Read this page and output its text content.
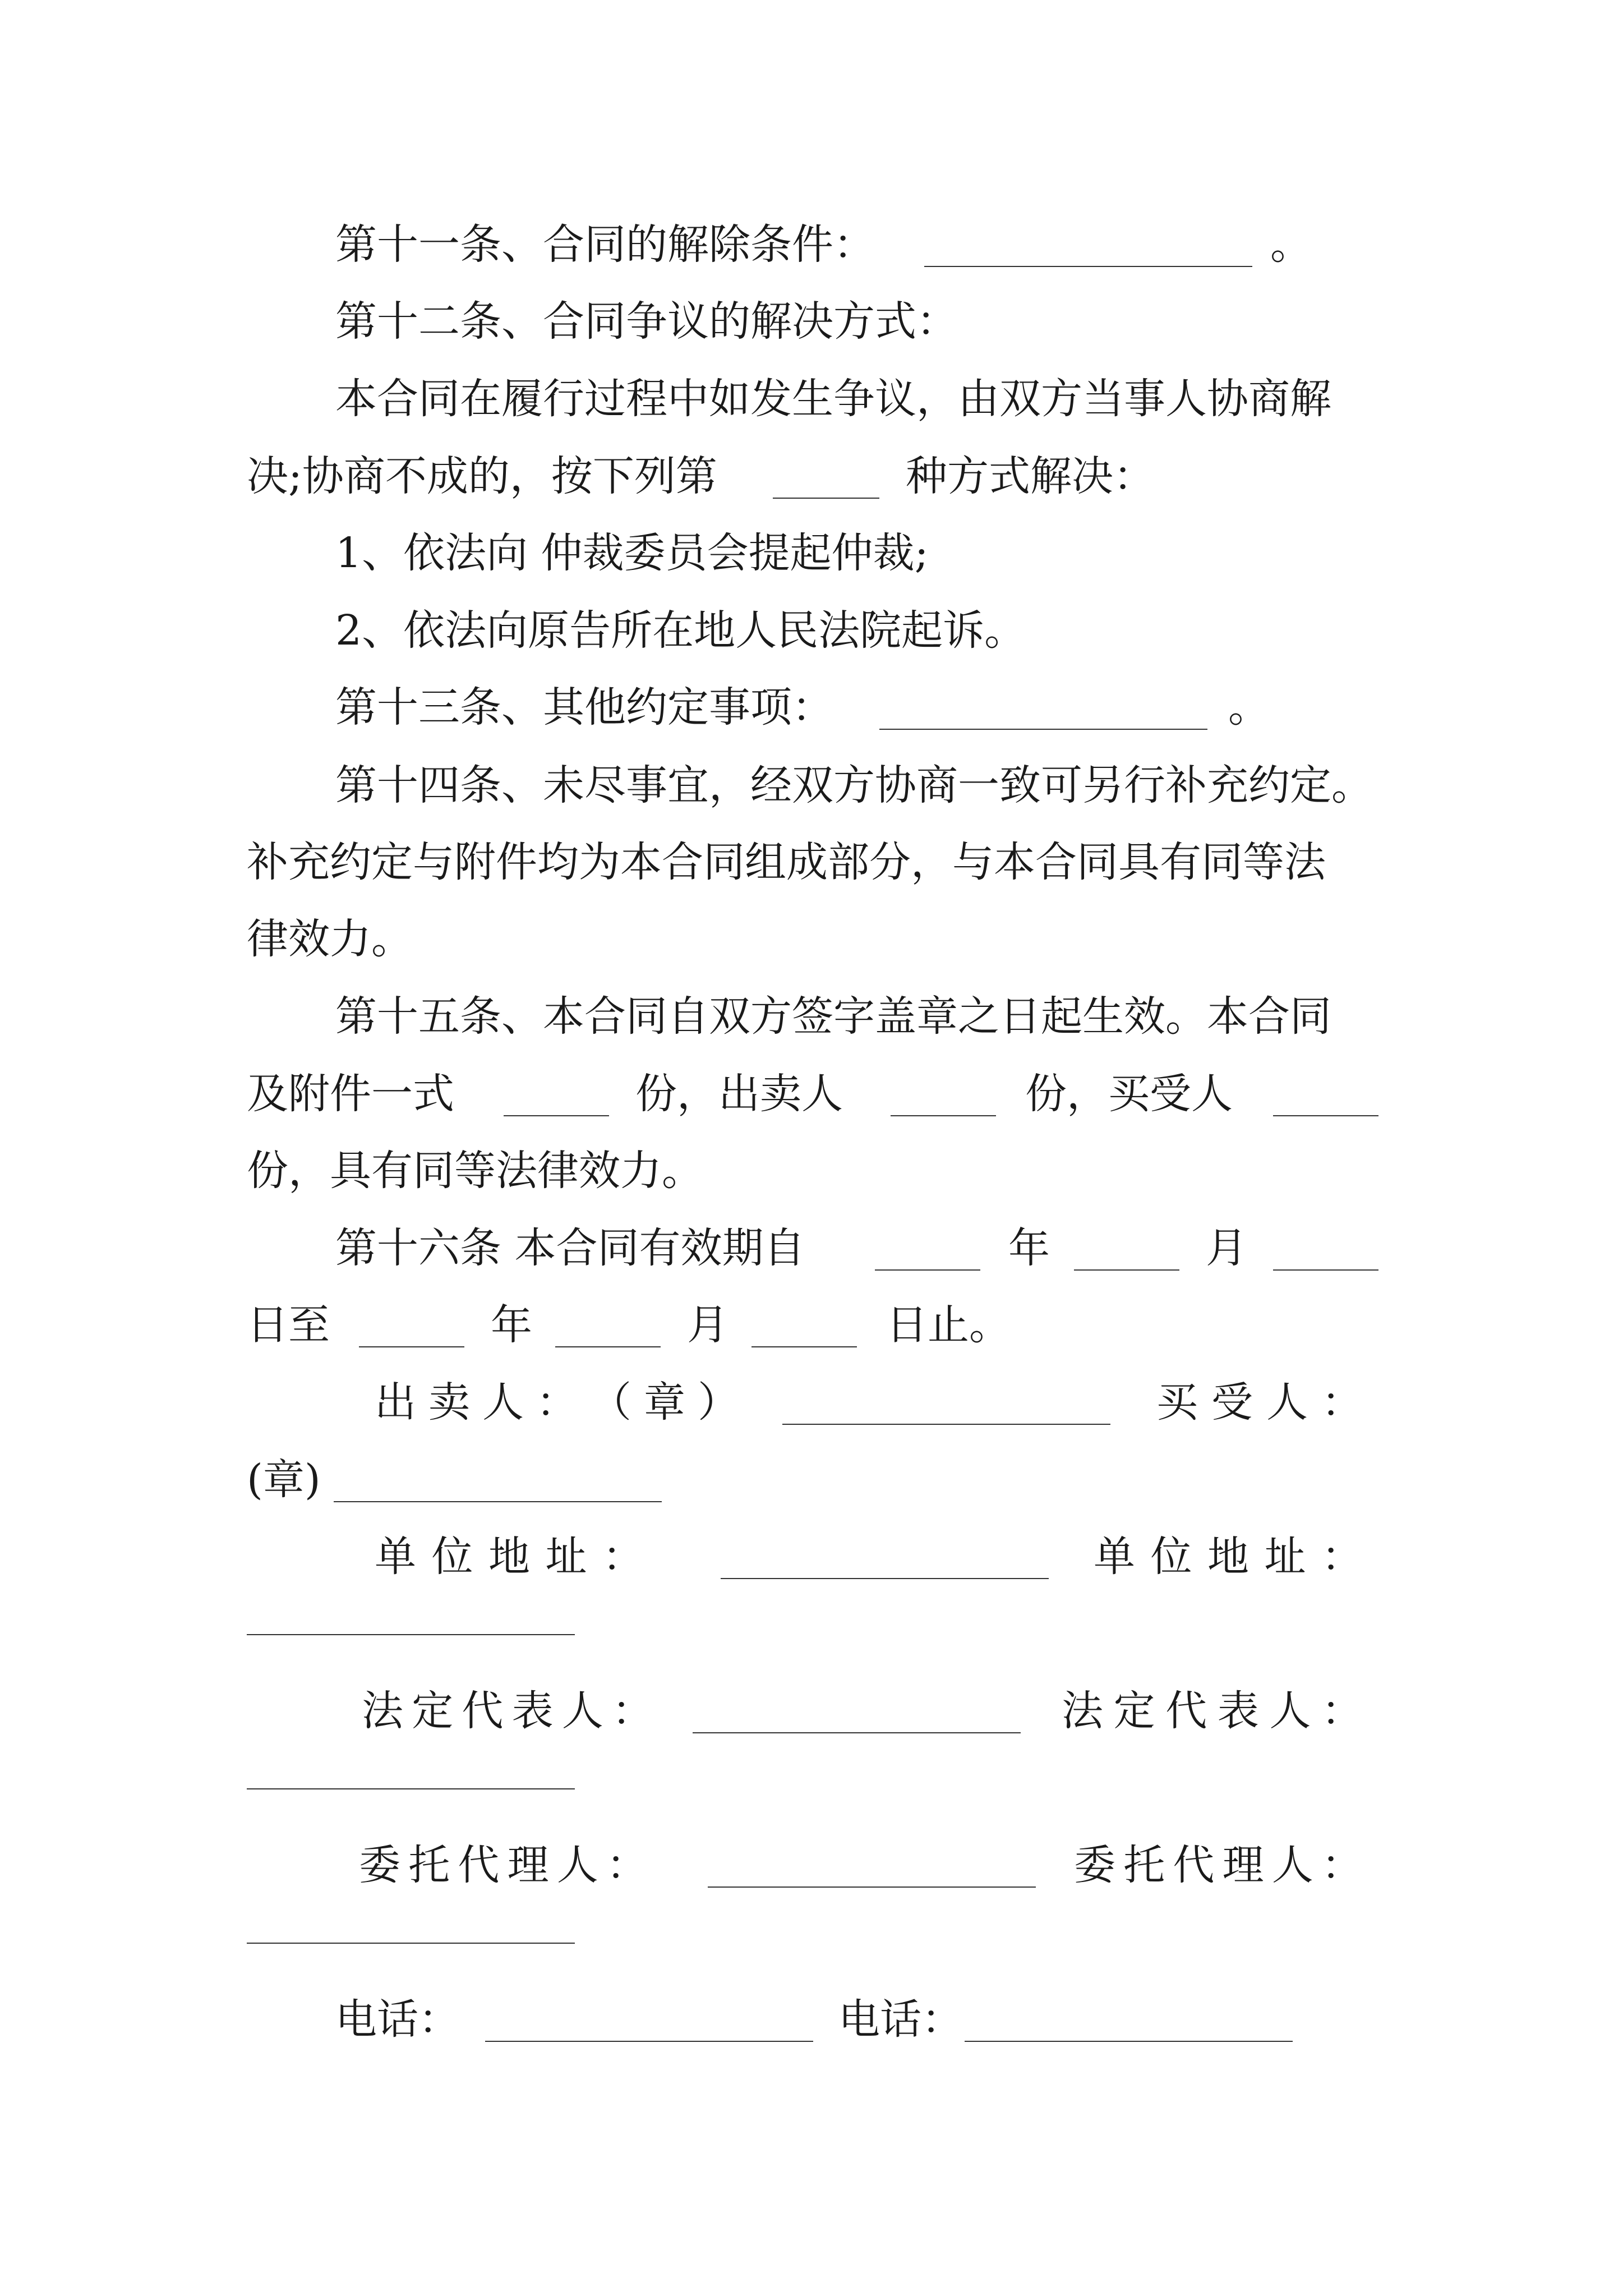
第十一条、合同的解除条件：	。
第十二条、合同争议的解决方式：
本合同在履行过程中如发生争议，由双方当事人协商解
决;协商不成的，按下列第	种方式解决：
1、依法向 仲裁委员会提起仲裁;
2、依法向原告所在地人民法院起诉。
第十三条、其他约定事项：	。
第十四条、未尽事宜，经双方协商一致可另行补充约定。
补充约定与附件均为本合同组成部分，与本合同具有同等法
律效力。
第十五条、本合同自双方签字盖章之日起生效。本合同
及附件一式	份，出卖人	份，买受人
份，具有同等法律效力。
第十六条 本合同有效期自	年	月
日至	年	月	日止。
出 卖 人 ： （ 章 ）	买 受 人 ：
(章)
单 位 地 址 ：	单 位 地 址 ：
法 定 代 表 人 ：	法 定 代 表 人 ：
委 托 代 理 人 ：	委 托 代 理 人 ：
电话：	电话：
